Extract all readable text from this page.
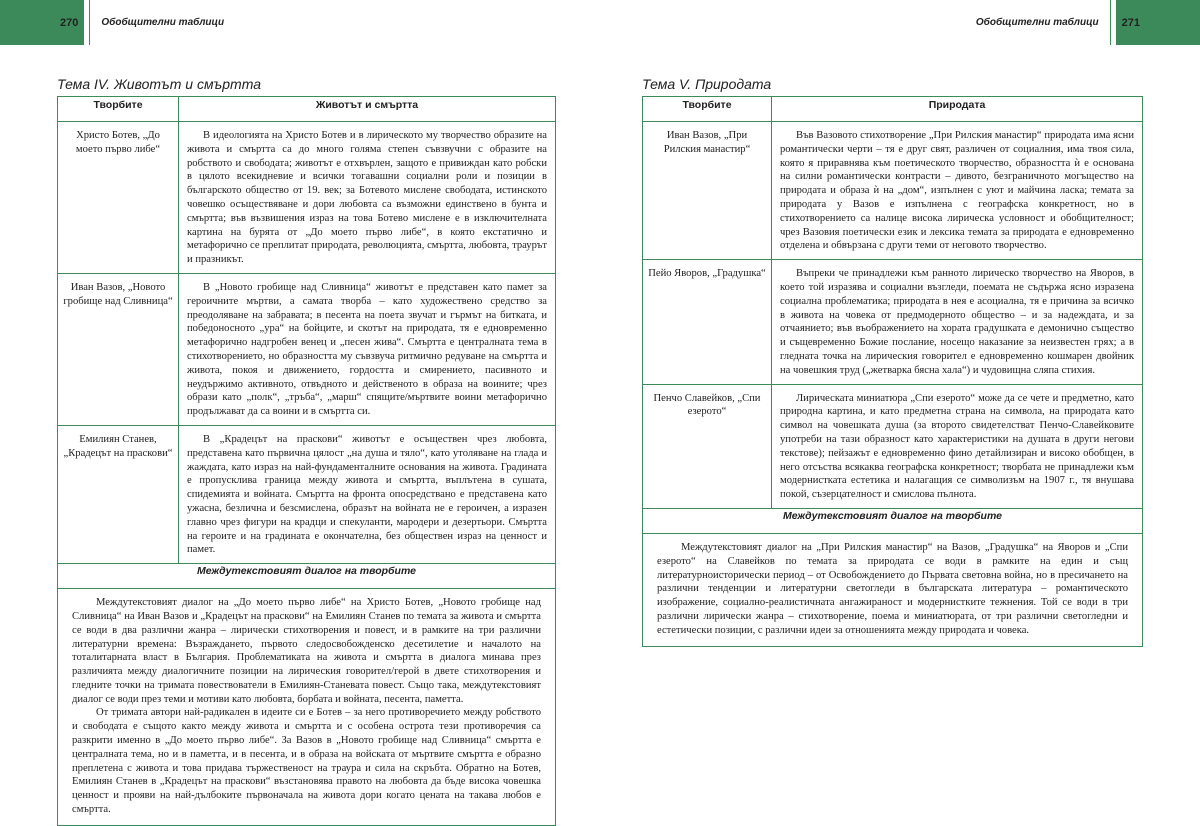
270 Обобщителни таблици
Тема IV. Животът и смъртта
Творбите	Животът и смъртта
Христо Ботев, „До моето първо либе“	В идеологията на Христо Ботев и в лирическото му творчество образите на живота и смъртта са до много голяма степен съвзвучни с образите на робството и свободата; животът е отхвърлен, защото е привиждан като робски в цялото всекидневие и всички тогавашни социални роли и позиции в българското общество от 19. век; за Ботевото мислене свободата, истинското човешко осъществяване и дори любовта са възможни единствено в бунта и смъртта; във възвишения израз на това Ботево мислене е в изключителната картина на бурята от „До моето първо либе“, в която екстатично и метафорично се преплитат природата, революцията, смъртта, любовта, траурът и празникът.
Иван Вазов, „Новото гробище над Сливница“	В „Новото гробище над Сливница“ животът е представен като памет за героичните мъртви, а самата творба – като художествено средство за преодоляване на забравата; в песента на поета звучат и гърмът на битката, и победоносното „ура“ на бойците, и скотът на природата, тя е едновременно метафорично надгробен венец и „песен жива“. Смъртта е централната тема в стихотворението, но образността му съвзвуча ритмично редуване на смъртта и живота, покоя и движението, гордостта и смирението, пасивното и неудържимо активното, отвъдното и действеното в образа на воините; чрез образи като „полк“, „тръба“, „марш“ спящите/мъртвите воини метафорично продължават да са воини и в смъртта си.
Емилиян Станев, „Крадецът на праскови“	В „Крадецът на праскови“ животът е осъществен чрез любовта, представена като първична цялост „на душа и тяло“, като утоляване на глада и жаждата, като израз на най-фундаменталните основания на живота. Градината е пропусклива граница между живота и смъртта, въплътена в сушата, спидемията и войната. Смъртта на фронта опосредствано е представена като ужасна, безлична и безсмислена, образът на войната не е героичен, а изразен главно чрез фигури на крадци и спекуланти, мародери и дезертьори. Смъртта на героите и на градината е окончателна, без обществен израз на ценност и памет.
Междутекстовият диалог на творбите	

Междутекстовият диалог на „До моето първо либе“ на Христо Ботев, „Новото гробище над Сливница“ на Иван Вазов и „Крадецът на праскови“ на Емилиян Станев по темата за живота и смъртта се води в два различни жанра – лирически стихотворения и повест, и в рамките на три различни литературни времена: Възраждането, първото следосвобожденско десетилетие и началото на тоталитарната власт в България. Проблематиката на живота и смъртта в диалога минава през различията между диалогичните позиции на лирическия говорител/герой в двете стихотворения и гледните точки на тримата повествователи в Емилиян-Станевата повест. Също така, междутекстовият диалог се води през теми и мотиви като любовта, борбата и войната, песента, паметта.

От тримата автори най-радикален в идеите си е Ботев – за него противоречието между робството и свободата е същото както между живота и смъртта и с особена острота тези противоречия са разкрити именно в „До моето първо либе“. За Вазов в „Новото гробище над Сливница“ смъртта е централната тема, но и в паметта, и в песента, и в образа на войската от мъртвите смъртта е образно преплетена с живота и това придава тържественост на траура и сила на скръбта. Обратно на Ботев, Емилиян Станев в „Крадецът на праскови“ възстановява правото на любовта да бъде висока човешка ценност и прояви на най-дълбоките първоначала на живота дори когато цената на такава любов е смъртта.	

Обобщителни таблици 271
Тема V. Природата
Творбите	Природата
Иван Вазов, „При Рилския манастир“	Във Вазовото стихотворение „При Рилския манастир“ природата има ясни романтически черти – тя е друг свят, различен от социалния, има твоя сила, която я приравнява към поетическото творчество, образността ѝ е основана на силни романтически контрасти – дивото, безграничното могъщество на природата и образа ѝ на „дом“, изпълнен с уют и майчина ласка; темата за природата у Вазов е изпълнена с географска конкретност, но в стихотворението са налице висока лирическа условност и обобщителност; чрез Вазовия поетически език и лексика темата за природата е едновременно отделена и обвързана с други теми от неговото творчество.
Пейо Яворов, „Градушка“	Въпреки че принадлежи към ранното лирическо творчество на Яворов, в което той изразява и социални възгледи, поемата не съдържа ясно изразена социална проблематика; природата в нея е асоциална, тя е причина за всичко в живота на човека от предмодерното общество – и за надеждата, и за отчаянието; във въображението на хората градушката е демонично същество и същевременно Божие послание, носещо наказание за неизвестен грях; а в гледната точка на лирическия говорител е едновременно кошмарен двойник на човешкия труд („жетварка бясна хала“) и чудовищна сляпа стихия.
Пенчо Славейков, „Спи езерото“	Лирическата миниатюра „Спи езерото“ може да се чете и предметно, като природна картина, и като предметна страна на символа, на природата като символ на човешката душа (за второто свидетелстват Пенчо-Славейковите употреби на тази образност като характеристики на душата в други негови текстове); пейзажът е едновременно фино детайлизиран и високо обобщен, в него отсъства всякаква географска конкретност; творбата не принадлежи към модернистката естетика и налагащия се символизъм на 1907 г., тя внушава покой, съзерцателност и смислова пълнота.
Междутекстовият диалог на творбите	

Междутекстовият диалог на „При Рилския манастир“ на Вазов, „Градушка“ на Яворов и „Спи езерото“ на Славейков по темата за природата се води в рамките на един и същ литературноисторически период – от Освобождението до Първата световна война, но в пресичането на различни тенденции и литературни светогледи в българската литература – романтическото изображение, социално-реалистичната ангажираност и модернистките тежнения. Той се води в три различни лирически жанра – стихотворение, поема и миниатюрата, от три различни светогледни и естетически позиции, с различни идеи за отношенията между природата и човека.	
